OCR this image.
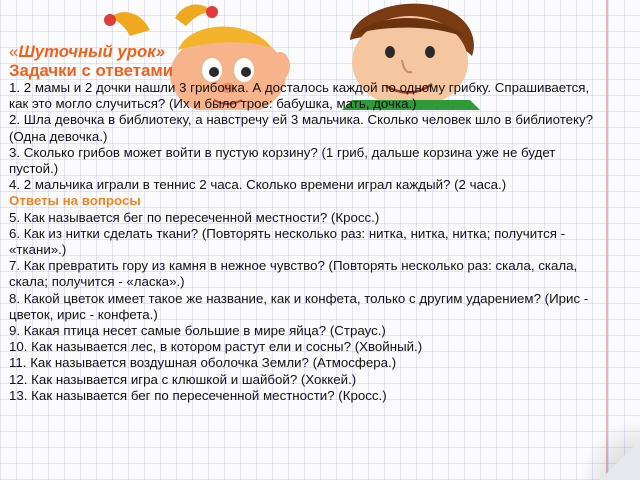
«Шуточный урок»
Задачки с ответами

1. 2 мамы и 2 дочки нашли 3 грибочка. А досталось каждой по одному грибку. Спрашивается, как это могло случиться? (Их и было трое: бабушка, мать, дочка.)

2. Шла девочка в библиотеку, а навстречу ей 3 мальчика. Сколько человек шло в библиотеку? (Одна девочка.)

3. Сколько грибов может войти в пустую корзину? (1 гриб, дальше корзина уже не будет пустой.)

4. 2 мальчика играли в теннис 2 часа. Сколько времени играл каждый? (2 часа.)

Ответы на вопросы

5. Как называется бег по пересеченной местности? (Кросс.)

6. Как из нитки сделать ткани? (Повторять несколько раз: нитка, нитка, нитка; получится - «ткани».)

7. Как превратить гору из камня в нежное чувство? (Повторять несколько раз: скала, скала, скала; получится - «ласка».)

8. Какой цветок имеет такое же название, как и конфета, только с другим ударением? (Ирис - цветок, ирис - конфета.)

9. Какая птица несет самые большие в мире яйца? (Страус.)

10. Как называется лес, в котором растут ели и сосны? (Хвойный.)

11. Как называется воздушная оболочка Земли? (Атмосфера.)

12. Как называется игра с клюшкой и шайбой? (Хоккей.)

13. Как называется бег по пересеченной местности? (Кросс.)
